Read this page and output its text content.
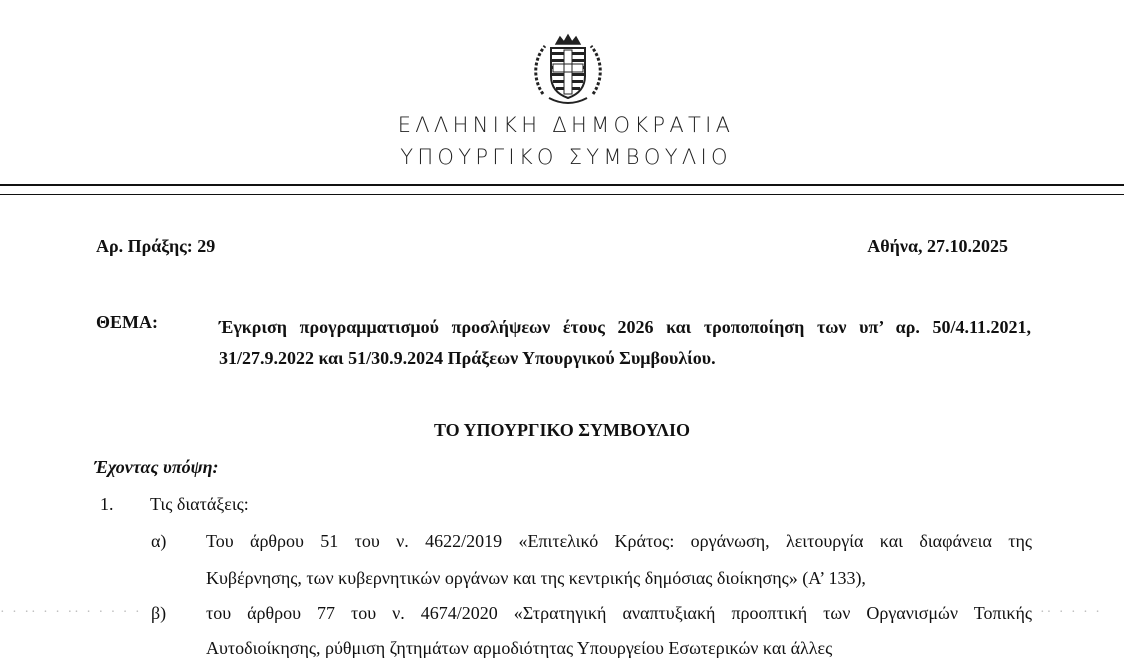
ΕΛΛΗΝΙΚΗ ΔΗΜΟΚΡΑΤΙΑ
ΥΠΟΥΡΓΙΚΟ ΣΥΜΒΟΥΛΙΟ
Αρ. Πράξης: 29	Αθήνα, 27.10.2025
ΘΕΜΑ:	Έγκριση προγραμματισμού προσλήψεων έτους 2026 και τροποποίηση των υπ’ αρ. 50/4.11.2021, 31/27.9.2022 και 51/30.9.2024 Πράξεων Υπουργικού Συμβουλίου.

ΤΟ ΥΠΟΥΡΓΙΚΟ ΣΥΜΒΟΥΛΙΟ
Έχοντας υπόψη:
1. Τις διατάξεις:
α) Του άρθρου 51 του ν. 4622/2019 «Επιτελικό Κράτος: οργάνωση, λειτουργία και διαφάνεια της

Κυβέρνησης, των κυβερνητικών οργάνων και της κεντρικής δημόσιας διοίκησης» (Α’ 133),
· · ·· · · ·· · · · · ·	·· · · · ·
β) του άρθρου 77 του ν. 4674/2020 «Στρατηγική αναπτυξιακή προοπτική των Οργανισμών Τοπικής

Αυτοδιοίκησης, ρύθμιση ζητημάτων αρμοδιότητας Υπουργείου Εσωτερικών και άλλες
